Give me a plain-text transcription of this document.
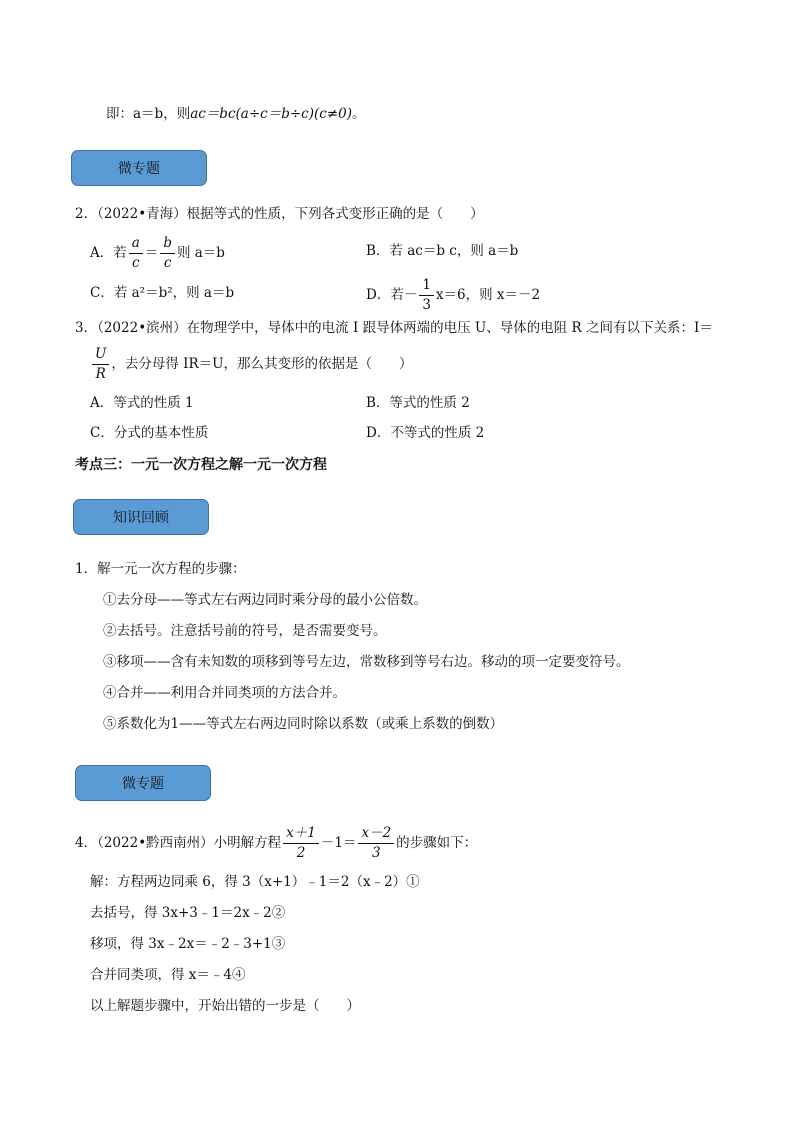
即：a＝b，则ac＝bc(a÷c＝b÷c)(c≠0)。
微专题
2．（2022•青海）根据等式的性质，下列各式变形正确的是（　　）
A．若 $\frac{a}{c} = \frac{b}{c}$ 则 a＝b	B．若 ac＝b c，则 a＝b
C．若 a²＝b²，则 a＝b	D．若－ $\frac{1}{3} x=6$，则 x＝－2
3．（2022•滨州）在物理学中，导体中的电流 I 跟导体两端的电压 U、导体的电阻 R 之间有以下关系：I＝
$\frac{U}{R}$ ，去分母得 IR＝U，那么其变形的依据是（　　）
A．等式的性质 1	B．等式的性质 2
C．分式的基本性质	D．不等式的性质 2
考点三：一元一次方程之解一元一次方程
知识回顾
1．解一元一次方程的步骤：
①去分母——等式左右两边同时乘分母的最小公倍数。
②去括号。注意括号前的符号，是否需要变号。
③移项——含有未知数的项移到等号左边，常数移到等号右边。移动的项一定要变符号。
④合并——利用合并同类项的方法合并。
⑤系数化为1——等式左右两边同时除以系数（或乘上系数的倒数）
微专题
4．（2022•黔西南州）小明解方程 $\frac{x+1}{2} -1= \frac{x-2}{3}$ 的步骤如下：
解：方程两边同乘 6，得 3（x+1）﹣1＝2（x﹣2）①
去括号，得 3x+3﹣1＝2x﹣2②
移项，得 3x﹣2x＝﹣2﹣3+1③
合并同类项，得 x＝﹣4④
以上解题步骤中，开始出错的一步是（　　）
